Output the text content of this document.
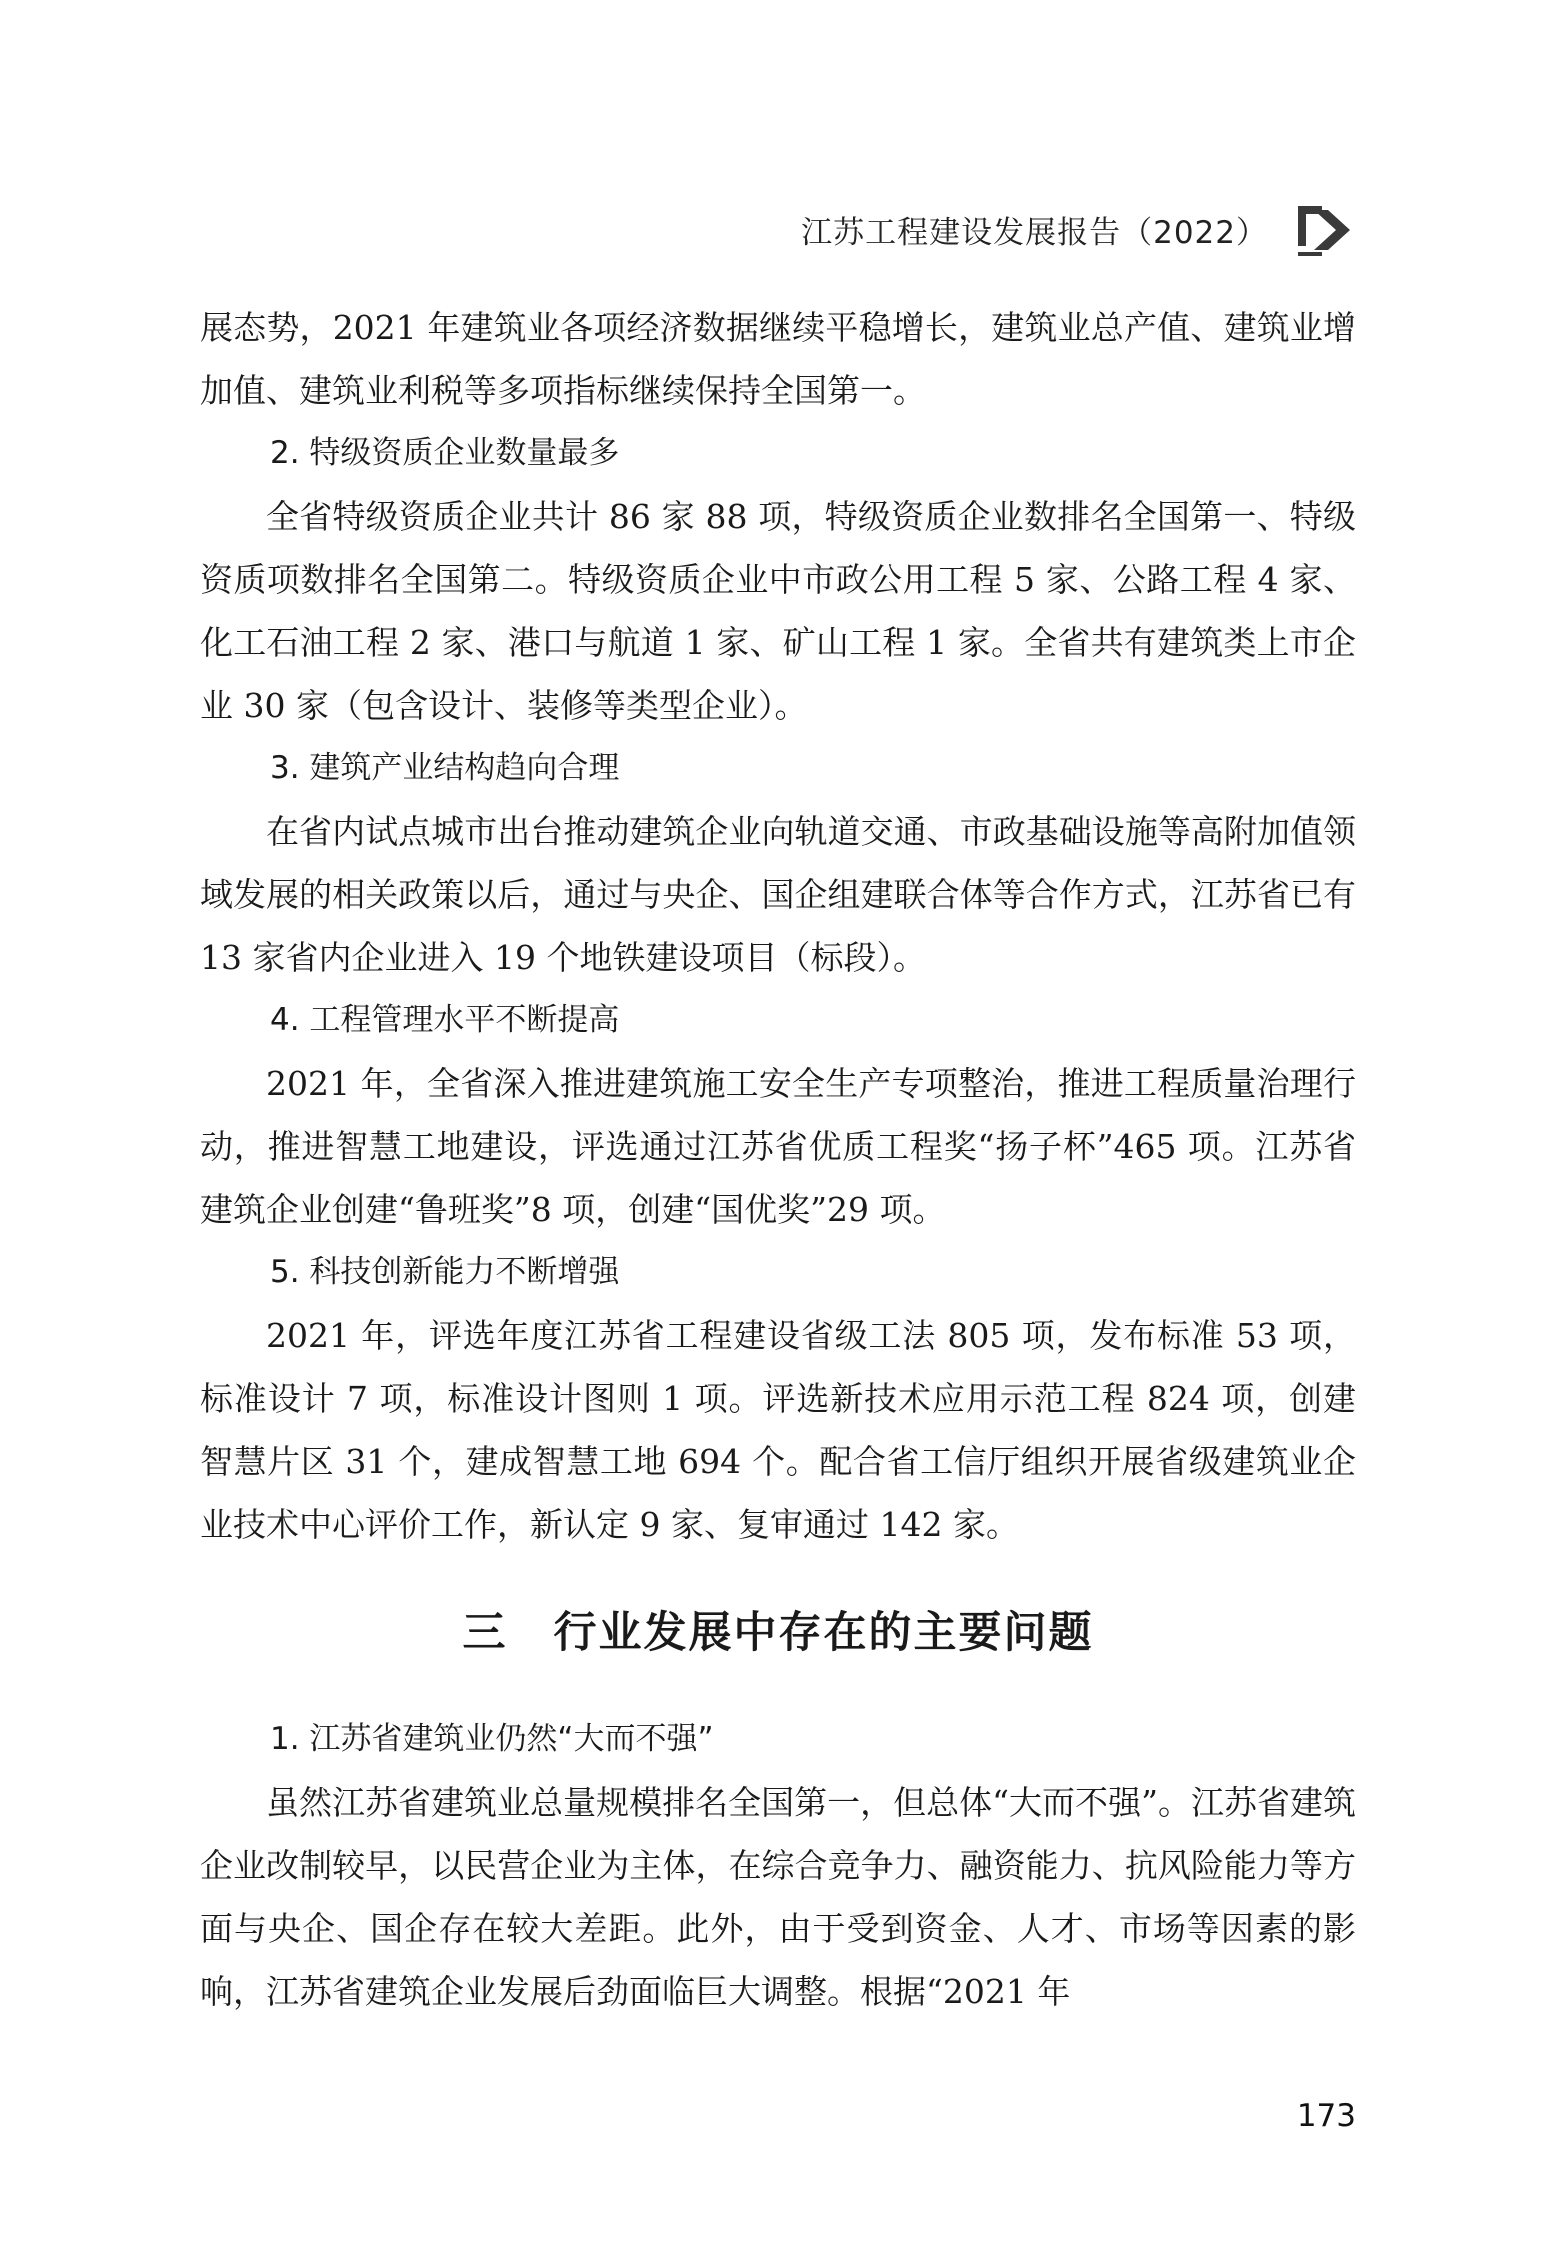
江苏工程建设发展报告（2022）

展态势，2021 年建筑业各项经济数据继续平稳增长，建筑业总产值、建筑业增加值、建筑业利税等多项指标继续保持全国第一。

2. 特级资质企业数量最多

全省特级资质企业共计 86 家 88 项，特级资质企业数排名全国第一、特级资质项数排名全国第二。特级资质企业中市政公用工程 5 家、公路工程 4 家、化工石油工程 2 家、港口与航道 1 家、矿山工程 1 家。全省共有建筑类上市企业 30 家（包含设计、装修等类型企业）。

3. 建筑产业结构趋向合理

在省内试点城市出台推动建筑企业向轨道交通、市政基础设施等高附加值领域发展的相关政策以后，通过与央企、国企组建联合体等合作方式，江苏省已有 13 家省内企业进入 19 个地铁建设项目（标段）。

4. 工程管理水平不断提高

2021 年，全省深入推进建筑施工安全生产专项整治，推进工程质量治理行动，推进智慧工地建设，评选通过江苏省优质工程奖“扬子杯”465 项。江苏省建筑企业创建“鲁班奖”8 项，创建“国优奖”29 项。

5. 科技创新能力不断增强

2021 年，评选年度江苏省工程建设省级工法 805 项，发布标准 53 项，标准设计 7 项，标准设计图则 1 项。评选新技术应用示范工程 824 项，创建智慧片区 31 个，建成智慧工地 694 个。配合省工信厅组织开展省级建筑业企业技术中心评价工作，新认定 9 家、复审通过 142 家。

三 行业发展中存在的主要问题

1. 江苏省建筑业仍然“大而不强”

虽然江苏省建筑业总量规模排名全国第一，但总体“大而不强”。江苏省建筑企业改制较早，以民营企业为主体，在综合竞争力、融资能力、抗风险能力等方面与央企、国企存在较大差距。此外，由于受到资金、人才、市场等因素的影响，江苏省建筑企业发展后劲面临巨大调整。根据“2021 年

173
